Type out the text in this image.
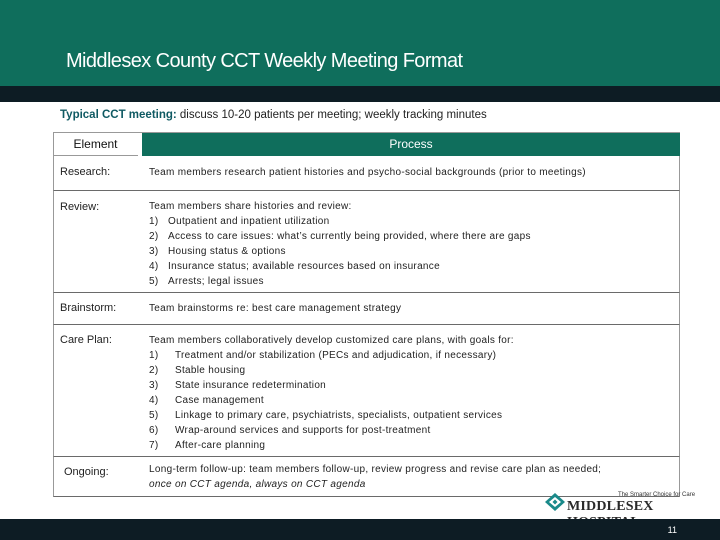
Middlesex County CCT Weekly Meeting Format
Typical CCT meeting: discuss 10-20 patients per meeting; weekly tracking minutes
Element	Process
Research:	Team members research patient histories and psycho-social backgrounds (prior to meetings)
Review:	Team members share histories and review:
1) Outpatient and inpatient utilization
2) Access to care issues: what’s currently being provided, where there are gaps
3) Housing status & options
4) Insurance status; available resources based on insurance
5) Arrests; legal issues
Brainstorm:	Team brainstorms re: best care management strategy
Care Plan:	Team members collaboratively develop customized care plans, with goals for:
1)	Treatment and/or stabilization (PECs and adjudication, if necessary)
2)	Stable housing
3)	State insurance redetermination
4)	Case management
5)	Linkage to primary care, psychiatrists, specialists, outpatient services
6)	Wrap-around services and supports for post-treatment
7)	After-care planning
Ongoing:	Long-term follow-up: team members follow-up, review progress and revise care plan as needed;
once on CCT agenda, always on CCT agenda
The Smarter Choice for Care
MIDDLESEX
11
